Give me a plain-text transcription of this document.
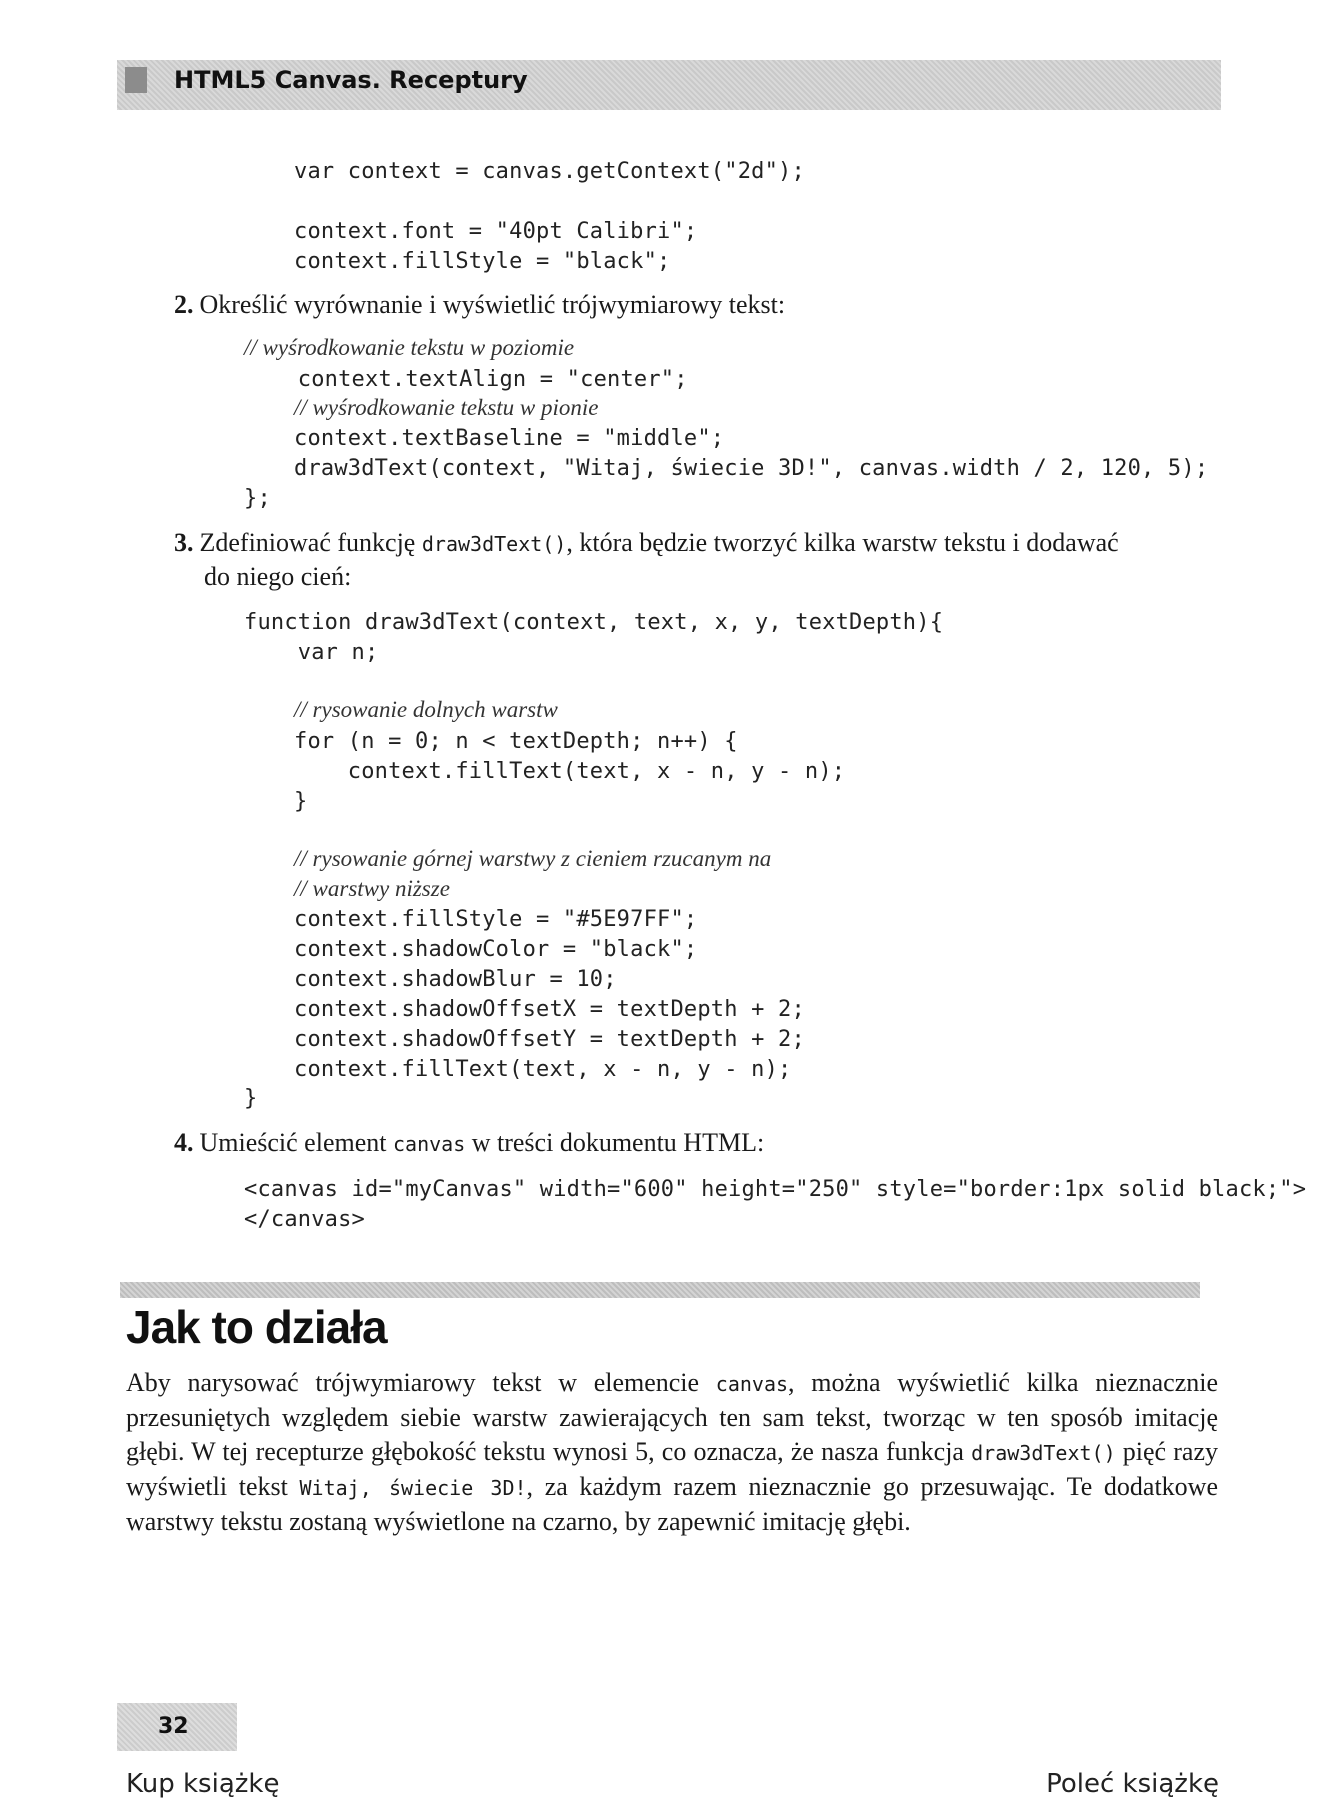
HTML5 Canvas. Receptury
var context = canvas.getContext("2d");

context.font = "40pt Calibri";
context.fillStyle = "black";
2. Określić wyrównanie i wyświetlić trójwymiarowy tekst:
// wyśrodkowanie tekstu w poziomie
context.textAlign = "center";
// wyśrodkowanie tekstu w pionie
context.textBaseline = "middle";
draw3dText(context, "Witaj, świecie 3D!", canvas.width / 2, 120, 5);
};
3. Zdefiniować funkcję draw3dText(), która będzie tworzyć kilka warstw tekstu i dodawać
do niego cień:
function draw3dText(context, text, x, y, textDepth){
var n;
// rysowanie dolnych warstw
for (n = 0; n < textDepth; n++) {
context.fillText(text, x - n, y - n);
}
// rysowanie górnej warstwy z cieniem rzucanym na
// warstwy niższe
context.fillStyle = "#5E97FF";
context.shadowColor = "black";
context.shadowBlur = 10;
context.shadowOffsetX = textDepth + 2;
context.shadowOffsetY = textDepth + 2;
context.fillText(text, x - n, y - n);
}
4. Umieścić element canvas w treści dokumentu HTML:
<canvas id="myCanvas" width="600" height="250" style="border:1px solid black;">
</canvas>
Jak to działa

Aby narysować trójwymiarowy tekst w elemencie canvas, można wyświetlić kilka nieznacznie przesuniętych względem siebie warstw zawierających ten sam tekst, tworząc w ten sposób imitację głębi. W tej recepturze głębokość tekstu wynosi 5, co oznacza, że nasza funkcja draw3dText() pięć razy wyświetli tekst Witaj, świecie 3D!, za każdym razem nieznacznie go przesuwając. Te dodatkowe warstwy tekstu zostaną wyświetlone na czarno, by zapewnić imitację głębi.

32
Kup książkę	Poleć książkę
